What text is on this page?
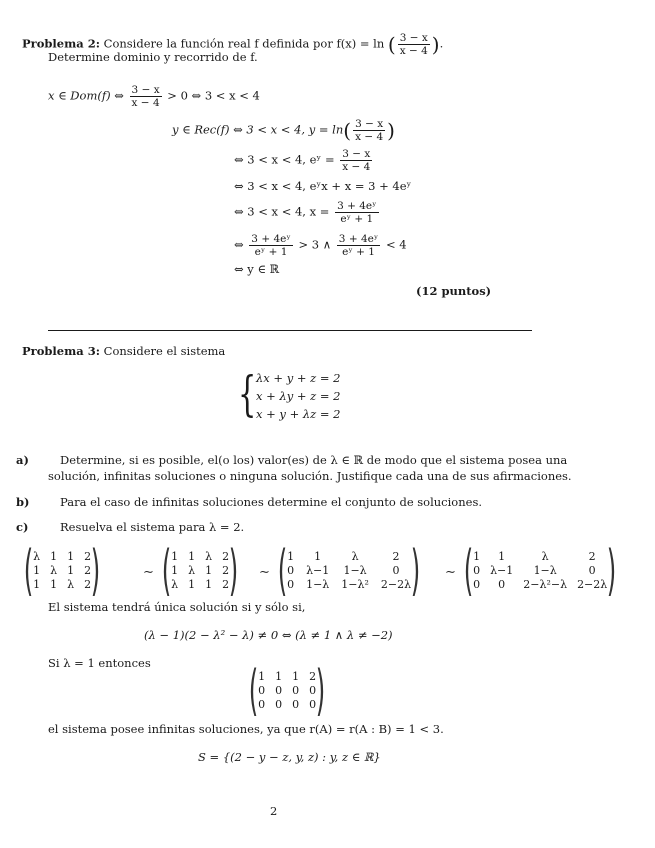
Problema 2: Considere la función real f definida por f(x) = ln ( $\frac{3 - x}{x - 4}$ ).
Determine dominio y recorrido de f.
x ∈ Dom(f) ⇔ $\frac{3 - x}{x - 4} > 0$ ⇔ 3 < x < 4
y ∈ Rec(f) ⇔ 3 < x < 4, $y = \ln( \frac{3 - x}{x - 4}$ )
⇔ 3 < x < 4, eʸ = $\frac{3 - x}{x - 4}$
⇔ 3 < x < 4, eʸx + x = 3 + 4eʸ
⇔ 3 < x < 4, $x = \frac{\text{3 + 4eʸ}}{\text{eʸ + 1}}$
⇔ $\frac{\text{3 + 4eʸ}}{\text{eʸ + 1}} > 3$ ∧ $\frac{\text{3 + 4eʸ}}{\text{eʸ + 1}} < 4$
⇔ y ∈ ℝ
(12 puntos)
Problema 3: Considere el sistema
{ λx + y + z = 2
x + λy + z = 2
x + y + λz = 2
a)	Determine, si es posible, el(o los) valor(es) de λ ∈ ℝ de modo que el sistema posea una
solución, infinitas soluciones o ninguna solución. Justifique cada una de sus afirmaciones.
b)	Para el caso de infinitas soluciones determine el conjunto de soluciones.
c)	Resuelva el sistema para λ = 2.
( λ 1 1 2
1 λ 1 2
1 1 λ 2 )	∼ ( 1 1 λ 2
1 λ 1 2
λ 1 1 2 ) ∼ ( 1	1	λ	2
0 λ−1 1−λ	0
0 1−λ 1−λ² 2−2λ ) ∼ ( 1	1	λ	2
0 λ−1	1−λ	0
0	0	2−λ²−λ 2−2λ )
El sistema tendrá única solución si y sólo si,
(λ − 1)(2 − λ² − λ) ≠ 0 ⇔ (λ ≠ 1 ∧ λ ≠ −2)
Si λ = 1 entonces ( 1 1 1 2
0 0 0 0
0 0 0 0 )
el sistema posee infinitas soluciones, ya que r(A) = r(A : B) = 1 < 3.
S = {(2 − y − z, y, z) : y, z ∈ ℝ}
2
